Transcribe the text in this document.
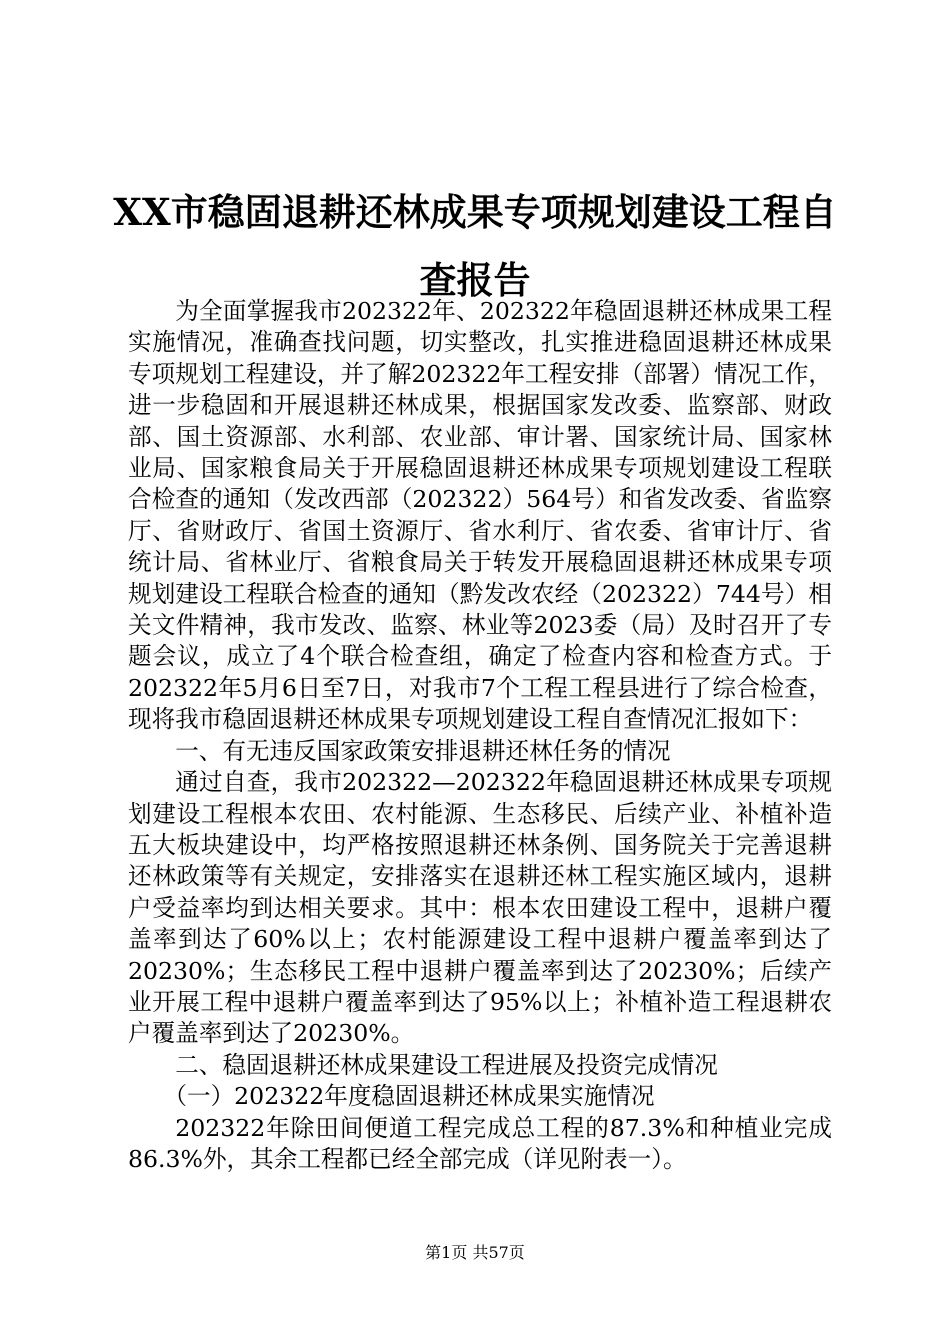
XX市稳固退耕还林成果专项规划建设工程自
查报告

为全面掌握我市202322年、202322年稳固退耕还林成果工程实施情况，准确查找问题，切实整改，扎实推进稳固退耕还林成果专项规划工程建设，并了解202322年工程安排（部署）情况工作，进一步稳固和开展退耕还林成果，根据国家发改委、监察部、财政部、国土资源部、水利部、农业部、审计署、国家统计局、国家林业局、国家粮食局关于开展稳固退耕还林成果专项规划建设工程联合检查的通知（发改西部（202322）564号）和省发改委、省监察厅、省财政厅、省国土资源厅、省水利厅、省农委、省审计厅、省统计局、省林业厅、省粮食局关于转发开展稳固退耕还林成果专项规划建设工程联合检查的通知（黔发改农经（202322）744号）相关文件精神，我市发改、监察、林业等2023委（局）及时召开了专题会议，成立了4个联合检查组，确定了检查内容和检查方式。于202322年5月6日至7日，对我市7个工程工程县进行了综合检查，现将我市稳固退耕还林成果专项规划建设工程自查情况汇报如下：

一、有无违反国家政策安排退耕还林任务的情况

通过自查，我市202322—202322年稳固退耕还林成果专项规划建设工程根本农田、农村能源、生态移民、后续产业、补植补造五大板块建设中，均严格按照退耕还林条例、国务院关于完善退耕还林政策等有关规定，安排落实在退耕还林工程实施区域内，退耕户受益率均到达相关要求。其中：根本农田建设工程中，退耕户覆盖率到达了60%以上；农村能源建设工程中退耕户覆盖率到达了20230%；生态移民工程中退耕户覆盖率到达了20230%；后续产业开展工程中退耕户覆盖率到达了95%以上；补植补造工程退耕农户覆盖率到达了20230%。

二、稳固退耕还林成果建设工程进展及投资完成情况

（一）202322年度稳固退耕还林成果实施情况

202322年除田间便道工程完成总工程的87.3%和种植业完成86.3%外，其余工程都已经全部完成（详见附表一）。

第1页 共57页
